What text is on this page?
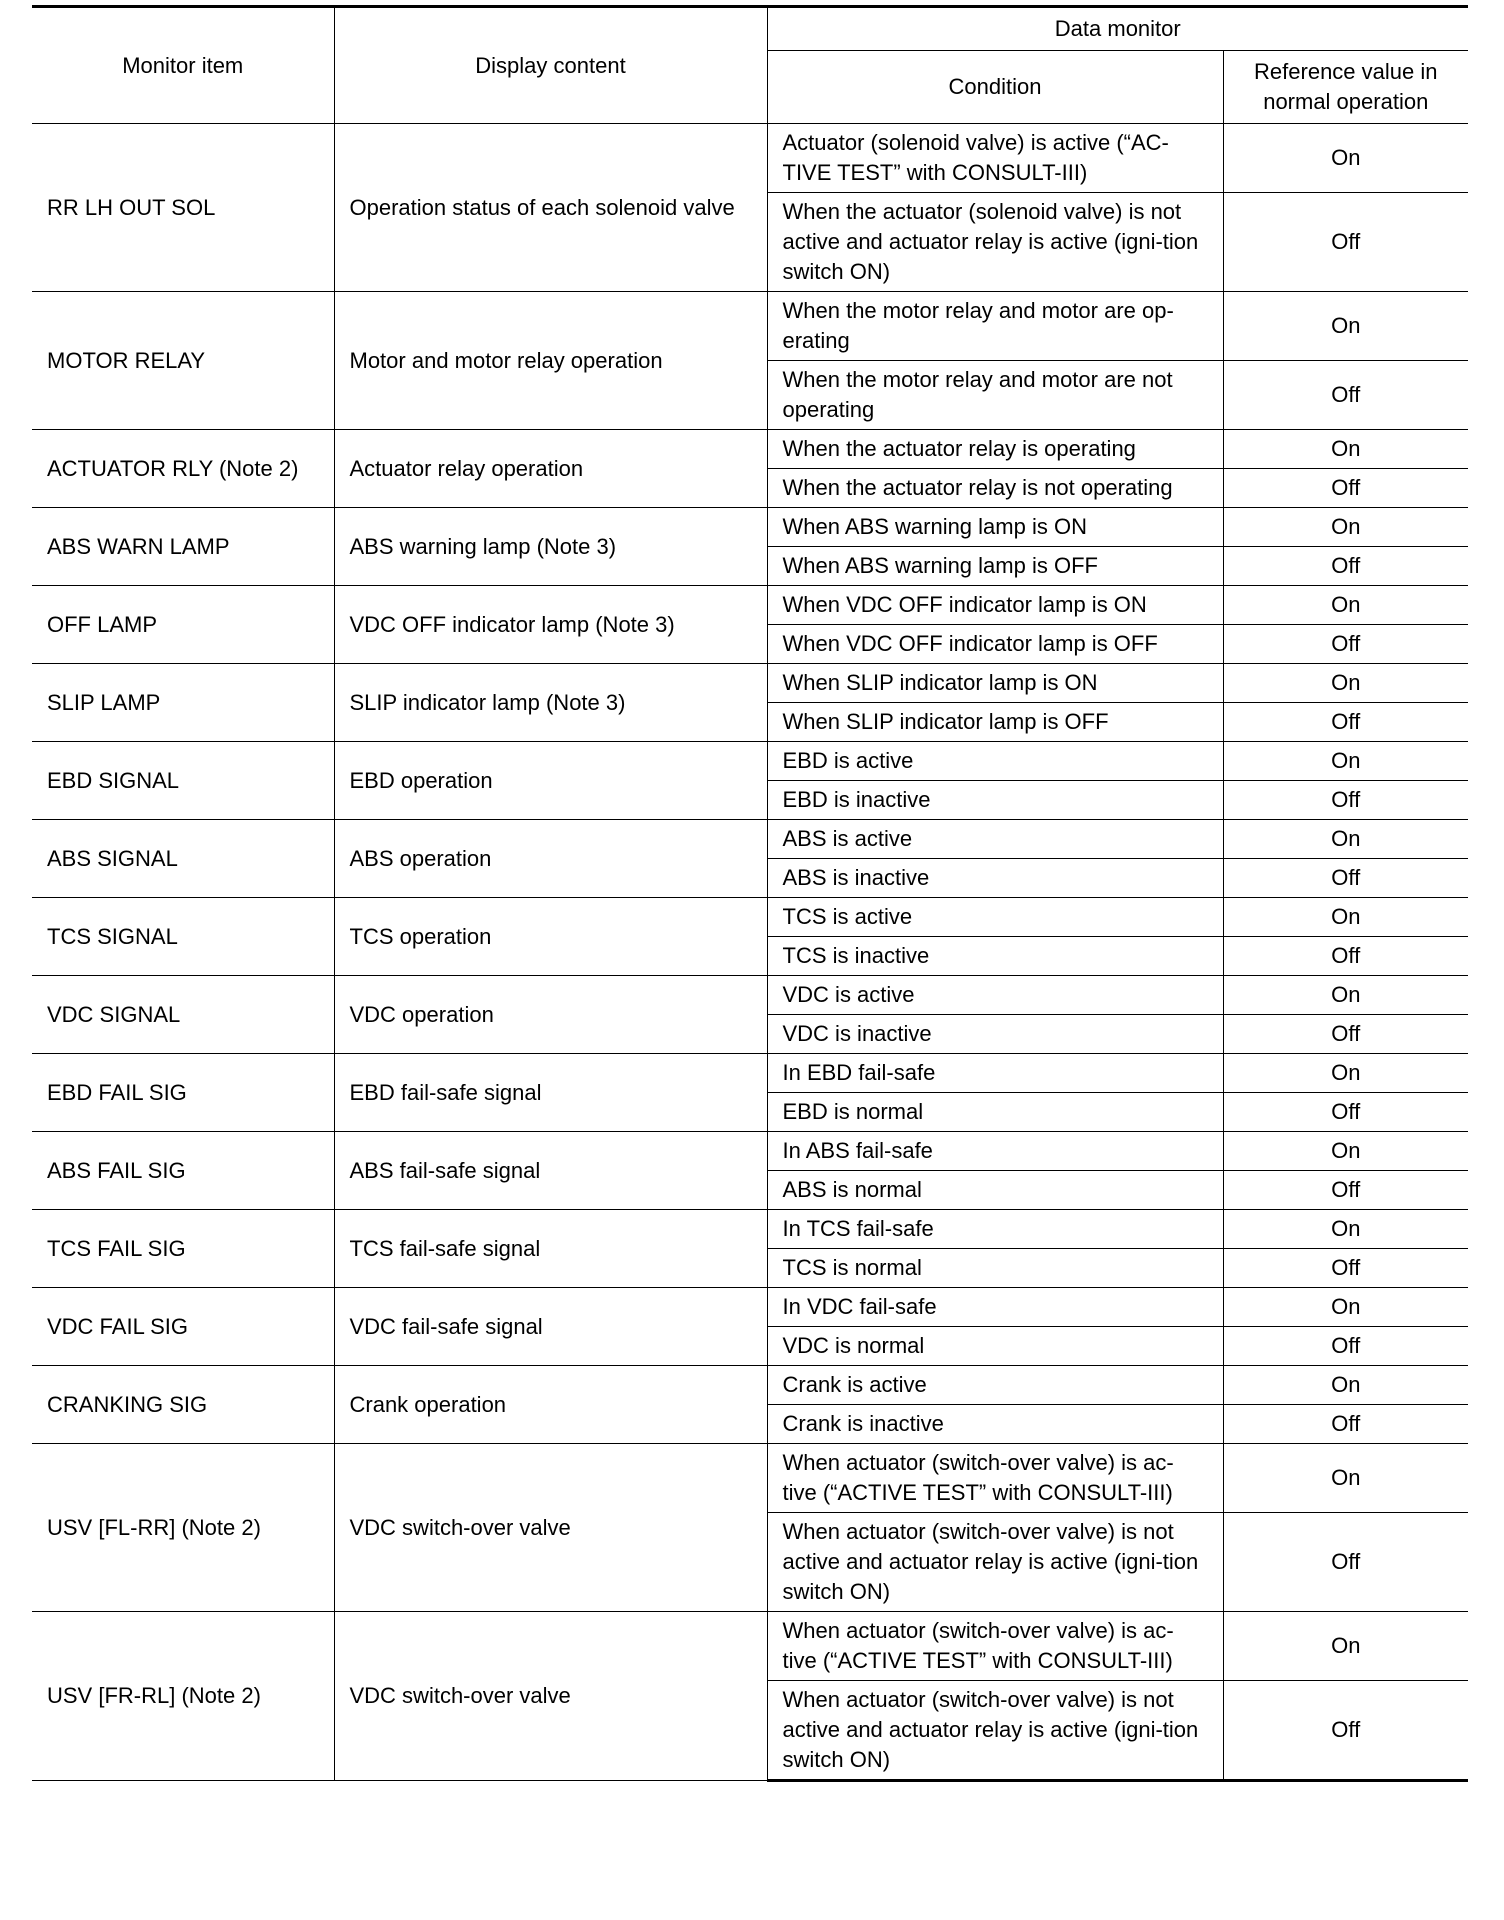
Monitor item	Display content	Data monitor	
		Condition	Reference value in normal operation
RR LH OUT SOL	Operation status of each solenoid valve	Actuator (solenoid valve) is active (“AC-TIVE TEST” with CONSULT-III)	On
		When the actuator (solenoid valve) is not active and actuator relay is active (igni-tion switch ON)	Off
MOTOR RELAY	Motor and motor relay operation	When the motor relay and motor are op-erating	On
		When the motor relay and motor are not operating	Off
ACTUATOR RLY (Note 2)	Actuator relay operation	When the actuator relay is operating	On
		When the actuator relay is not operating	Off
ABS WARN LAMP	ABS warning lamp (Note 3)	When ABS warning lamp is ON	On
		When ABS warning lamp is OFF	Off
OFF LAMP	VDC OFF indicator lamp (Note 3)	When VDC OFF indicator lamp is ON	On
		When VDC OFF indicator lamp is OFF	Off
SLIP LAMP	SLIP indicator lamp (Note 3)	When SLIP indicator lamp is ON	On
		When SLIP indicator lamp is OFF	Off
EBD SIGNAL	EBD operation	EBD is active	On
		EBD is inactive	Off
ABS SIGNAL	ABS operation	ABS is active	On
		ABS is inactive	Off
TCS SIGNAL	TCS operation	TCS is active	On
		TCS is inactive	Off
VDC SIGNAL	VDC operation	VDC is active	On
		VDC is inactive	Off
EBD FAIL SIG	EBD fail-safe signal	In EBD fail-safe	On
		EBD is normal	Off
ABS FAIL SIG	ABS fail-safe signal	In ABS fail-safe	On
		ABS is normal	Off
TCS FAIL SIG	TCS fail-safe signal	In TCS fail-safe	On
		TCS is normal	Off
VDC FAIL SIG	VDC fail-safe signal	In VDC fail-safe	On
		VDC is normal	Off
CRANKING SIG	Crank operation	Crank is active	On
		Crank is inactive	Off
USV [FL-RR] (Note 2)	VDC switch-over valve	When actuator (switch-over valve) is ac-tive (“ACTIVE TEST” with CONSULT-III)	On
		When actuator (switch-over valve) is not active and actuator relay is active (igni-tion switch ON)	Off
USV [FR-RL] (Note 2)	VDC switch-over valve	When actuator (switch-over valve) is ac-tive (“ACTIVE TEST” with CONSULT-III)	On
		When actuator (switch-over valve) is not active and actuator relay is active (igni-tion switch ON)	Off
